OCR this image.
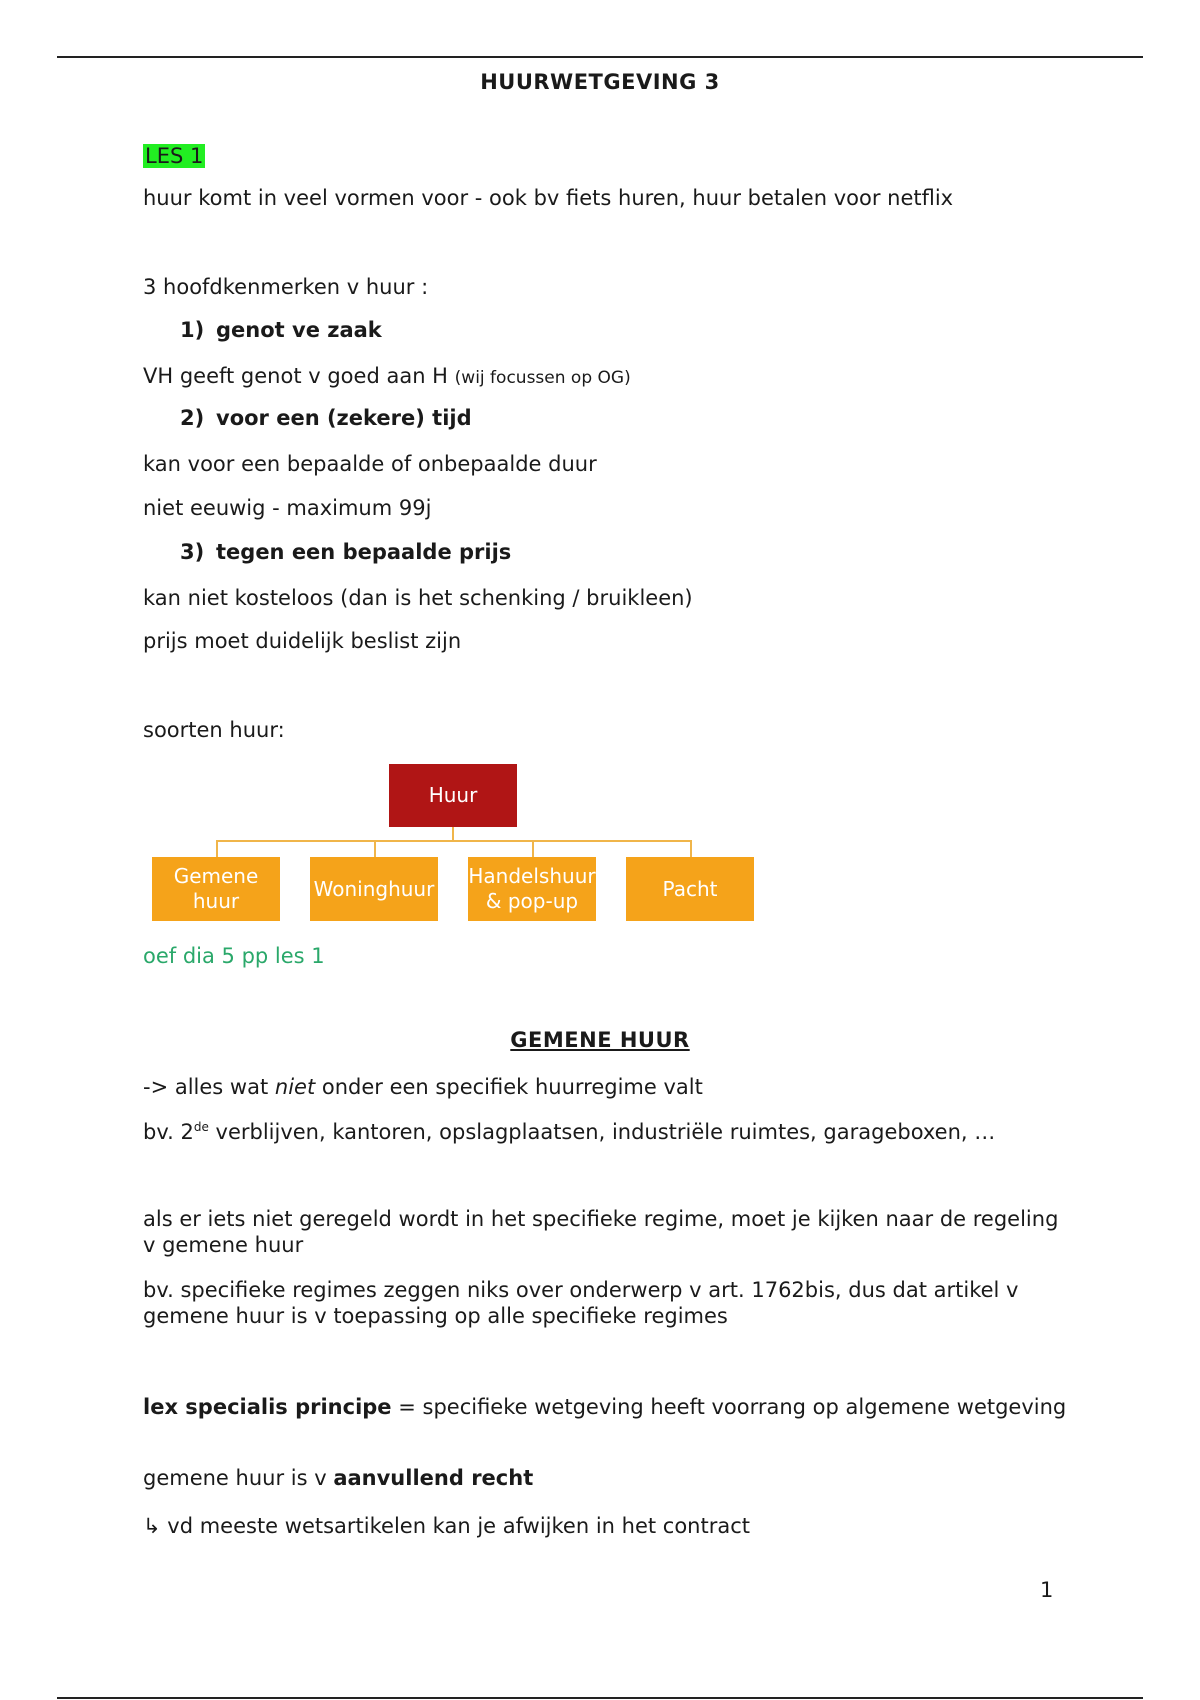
HUURWETGEVING 3
LES 1
huur komt in veel vormen voor - ook bv fiets huren, huur betalen voor netflix
3 hoofdkenmerken v huur :
1) genot ve zaak
VH geeft genot v goed aan H (wij focussen op OG)
2) voor een (zekere) tijd
kan voor een bepaalde of onbepaalde duur
niet eeuwig - maximum 99j
3) tegen een bepaalde prijs
kan niet kosteloos (dan is het schenking / bruikleen)
prijs moet duidelijk beslist zijn
soorten huur:
Huur
Gemene huur
Woninghuur
Handelshuur & pop-up
Pacht
oef dia 5 pp les 1
GEMENE HUUR
-> alles wat niet onder een specifiek huurregime valt
bv. 2de verblijven, kantoren, opslagplaatsen, industriële ruimtes, garageboxen, …
als er iets niet geregeld wordt in het specifieke regime, moet je kijken naar de regeling v gemene huur
bv. specifieke regimes zeggen niks over onderwerp v art. 1762bis, dus dat artikel v gemene huur is v toepassing op alle specifieke regimes
lex specialis principe = specifieke wetgeving heeft voorrang op algemene wetgeving
gemene huur is v aanvullend recht
↳ vd meeste wetsartikelen kan je afwijken in het contract
1
